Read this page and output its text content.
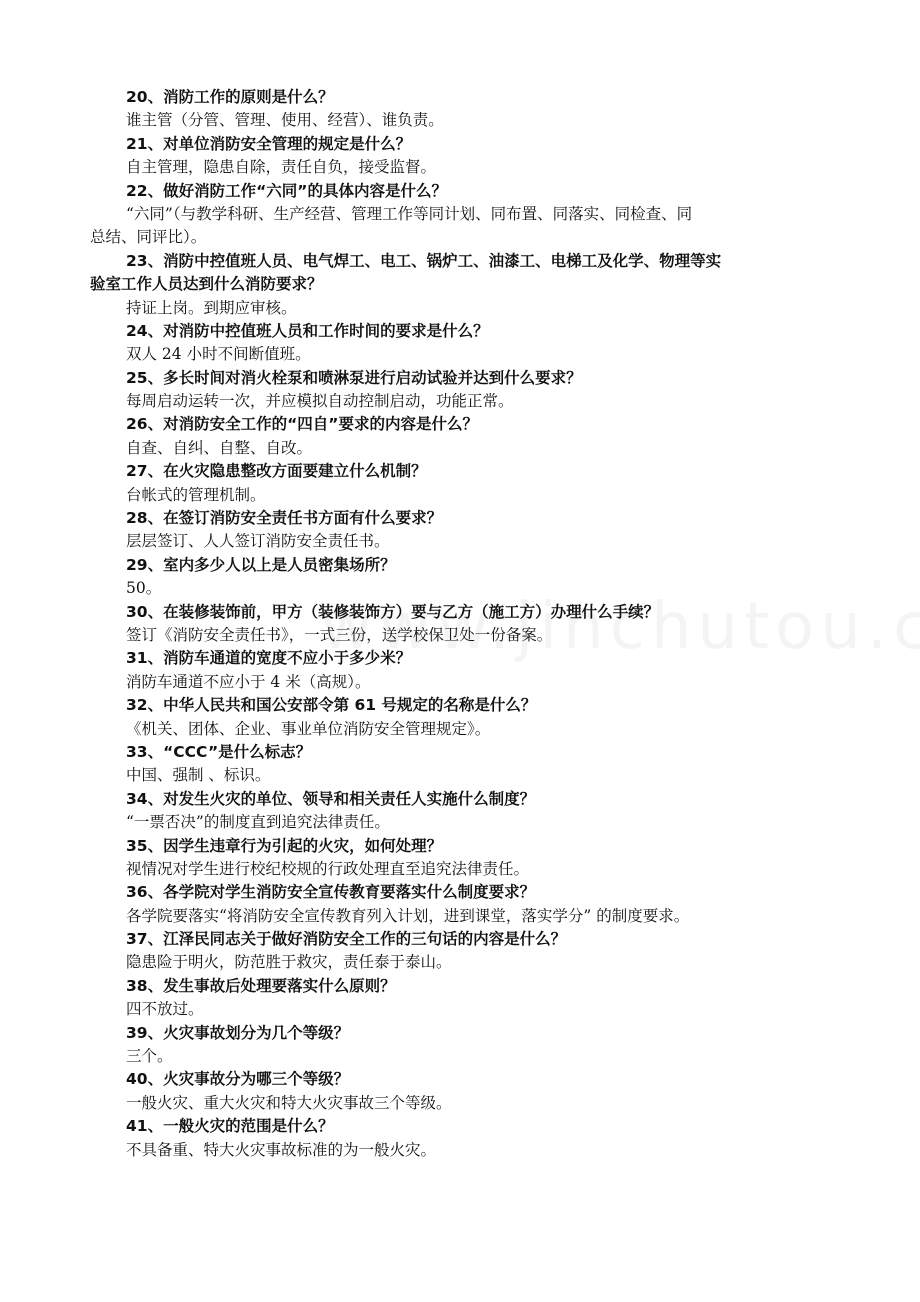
20、消防工作的原则是什么？
谁主管（分管、管理、使用、经营）、谁负责。
21、对单位消防安全管理的规定是什么？
自主管理，隐患自除，责任自负，接受监督。
22、做好消防工作“六同”的具体内容是什么？
“六同”（与教学科研、生产经营、管理工作等同计划、同布置、同落实、同检查、同
总结、同评比）。
23、消防中控值班人员、电气焊工、电工、锅炉工、油漆工、电梯工及化学、物理等实
验室工作人员达到什么消防要求？
持证上岗。到期应审核。
24、对消防中控值班人员和工作时间的要求是什么？
双人 24 小时不间断值班。
25、多长时间对消火栓泵和喷淋泵进行启动试验并达到什么要求？
每周启动运转一次，并应模拟自动控制启动，功能正常。
26、对消防安全工作的“四自”要求的内容是什么？
自查、自纠、自整、自改。
27、在火灾隐患整改方面要建立什么机制？
台帐式的管理机制。
28、在签订消防安全责任书方面有什么要求？
层层签订、人人签订消防安全责任书。
29、室内多少人以上是人员密集场所？
50。
30、在装修装饰前，甲方（装修装饰方）要与乙方（施工方）办理什么手续？
签订《消防安全责任书》，一式三份，送学校保卫处一份备案。
31、消防车通道的宽度不应小于多少米？
消防车通道不应小于 4 米（高规）。
32、中华人民共和国公安部令第 61 号规定的名称是什么？
《机关、团体、企业、事业单位消防安全管理规定》。
33、“CCC”是什么标志？
中国、强制 、标识。
34、对发生火灾的单位、领导和相关责任人实施什么制度？
“一票否决”的制度直到追究法律责任。
35、因学生违章行为引起的火灾，如何处理？
视情况对学生进行校纪校规的行政处理直至追究法律责任。
36、各学院对学生消防安全宣传教育要落实什么制度要求？
各学院要落实“将消防安全宣传教育列入计划，进到课堂，落实学分” 的制度要求。
37、江泽民同志关于做好消防安全工作的三句话的内容是什么？
隐患险于明火，防范胜于救灾，责任泰于泰山。
38、发生事故后处理要落实什么原则？
四不放过。
39、火灾事故划分为几个等级？
三个。
40、火灾事故分为哪三个等级？
一般火灾、重大火灾和特大火灾事故三个等级。
41、一般火灾的范围是什么？
不具备重、特大火灾事故标准的为一般火灾。
